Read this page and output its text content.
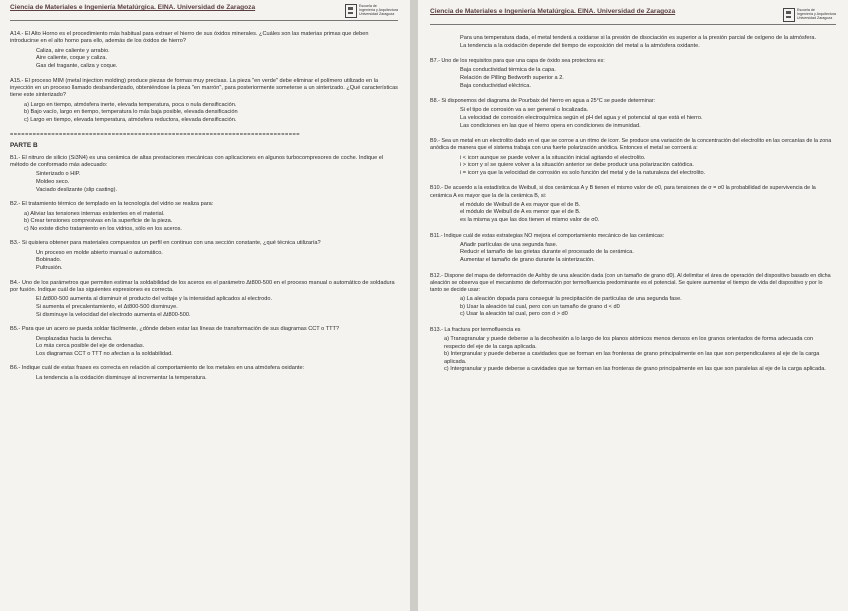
Ciencia de Materiales e Ingeniería Metalúrgica. EINA. Universidad de Zaragoza	Escuela de
Ingeniería y Arquitectura
Universidad Zaragoza
A14.- El Alto Horno es el procedimiento más habitual para extraer el hierro de sus óxidos minerales. ¿Cuáles son las materias primas que deben introducirse en el alto horno para ello, además de los óxidos de hierro?
Caliza, aire caliente y arrabio.
Aire caliente, coque y caliza.
Gas del tragante, caliza y coque.
A15.- El proceso MIM (metal injection molding) produce piezas de formas muy precisas. La pieza "en verde" debe eliminar el polímero utilizado en la inyección en un proceso llamado desbanderizado, obteniéndose la pieza "en marrón", para posteriormente someterse a un sinterizado. ¿Qué características tiene este sinterizado?
a) Largo en tiempo, atmósfera inerte, elevada temperatura, poca o nula densificación.
b) Bajo vacío, largo en tiempo, temperatura lo más baja posible, elevada densificación
c) Largo en tiempo, elevada temperatura, atmósfera reductora, elevada densificación.
=============================================================================
PARTE B
B1.- El nitruro de silicio (Si3N4) es una cerámica de altas prestaciones mecánicas con aplicaciones en algunos turbocompresores de coche. Indique el método de conformado más adecuado:
Sinterizado o HIP.
Moldeo seco.
Vaciado deslizante (slip casting).
B2.- El tratamiento térmico de templado en la tecnología del vidrio se realiza para:
a) Aliviar las tensiones internas existentes en el material.
b) Crear tensiones compresivas en la superficie de la pieza.
c) No existe dicho tratamiento en los vidrios, sólo en los aceros.
B3.- Si quisiera obtener para materiales compuestos un perfil en continuo con una sección constante, ¿qué técnica utilizaría?
Un proceso en molde abierto manual o automático.
Bobinado.
Pultrusión.
B4.- Uno de los parámetros que permiten estimar la soldabilidad de los aceros es el parámetro Δt800-500 en el proceso manual o automático de soldadura por fusión. Indique cuál de las siguientes expresiones es correcta.
El Δt800-500 aumenta al disminuir el producto del voltaje y la intensidad aplicados al electrodo.
Si aumenta el precalentamiento, el Δt800-500 disminuye.
Si disminuye la velocidad del electrodo aumenta el Δt800-500.
B5.- Para que un acero se pueda soldar fácilmente, ¿dónde deben estar las líneas de transformación de sus diagramas CCT o TTT?
Desplazadas hacia la derecha.
Lo más cerca posible del eje de ordenadas.
Los diagramas CCT o TTT no afectan a la soldabilidad.
B6.- Indique cuál de estas frases es correcta en relación al comportamiento de los metales en una atmósfera oxidante:
La tendencia a la oxidación disminuye al incrementar la temperatura.
Ciencia de Materiales e Ingeniería Metalúrgica. EINA. Universidad de Zaragoza	Escuela de
Ingeniería y Arquitectura
Universidad Zaragoza
Para una temperatura dada, el metal tenderá a oxidarse si la presión de disociación es superior a la presión parcial de oxígeno de la atmósfera.
La tendencia a la oxidación depende del tiempo de exposición del metal a la atmósfera oxidante.
B7.- Uno de los requisitos para que una capa de óxido sea protectora es:
Baja conductividad térmica de la capa.
Relación de Pilling Bedworth superior a 2.
Baja conductividad eléctrica.
B8.- Si disponemos del diagrama de Pourbaix del hierro en agua a 25°C se puede determinar:
Si el tipo de corrosión va a ser general o localizada.
La velocidad de corrosión electroquímica según el pH del agua y el potencial al que está el hierro.
Las condiciones en las que el hierro opera en condiciones de inmunidad.
B9.- Sea un metal en un electrolito dado en el que se corroe a un ritmo de icorr. Se produce una variación de la concentración del electrolito en las cercanías de la zona anódica de manera que el sistema trabaja con una fuerte polarización anódica. Entonces el metal se corroerá a:
i < icorr aunque se puede volver a la situación inicial agitando el electrolito.
i > icorr y sí se quiere volver a la situación anterior se debe producir una polarización catódica.
i = icorr ya que la velocidad de corrosión es solo función del metal y de la naturaleza del electrolito.
B10.- De acuerdo a la estadística de Weibull, si dos cerámicas A y B tienen el mismo valor de σ0, para tensiones de σ = σ0 la probabilidad de supervivencia de la cerámica A es mayor que la de la cerámica B, si:
el módulo de Weibull de A es mayor que el de B.
el módulo de Weibull de A es menor que el de B.
es la misma ya que las dos tienen el mismo valor de σ0.
B11.- Indique cuál de estas estrategias NO mejora el comportamiento mecánico de las cerámicas:
Añadir partículas de una segunda fase.
Reducir el tamaño de las grietas durante el procesado de la cerámica.
Aumentar el tamaño de grano durante la sinterización.
B12.- Dispone del mapa de deformación de Ashby de una aleación dada (con un tamaño de grano d0). Al delimitar el área de operación del dispositivo basado en dicha aleación se observa que el mecanismo de deformación por termofluencia predominante es el potencial. Se quiere aumentar el tiempo de vida del dispositivo y por lo tanto se decide usar:
a) La aleación dopada para conseguir la precipitación de partículas de una segunda fase.
b) Usar la aleación tal cual, pero con un tamaño de grano d < d0
c) Usar la aleación tal cual, pero con d > d0
B13.- La fractura por termofluencia es
a) Transgranular y puede deberse a la decohesión a lo largo de los planos atómicos menos densos en los granos orientados de forma adecuada con respecto del eje de la carga aplicada.
b) Intergranular y puede deberse a cavidades que se forman en las fronteras de grano principalmente en las que son perpendiculares al eje de la carga aplicada.
c) Intergranular y puede deberse a cavidades que se forman en las fronteras de grano principalmente en las que son paralelas al eje de la carga aplicada.
